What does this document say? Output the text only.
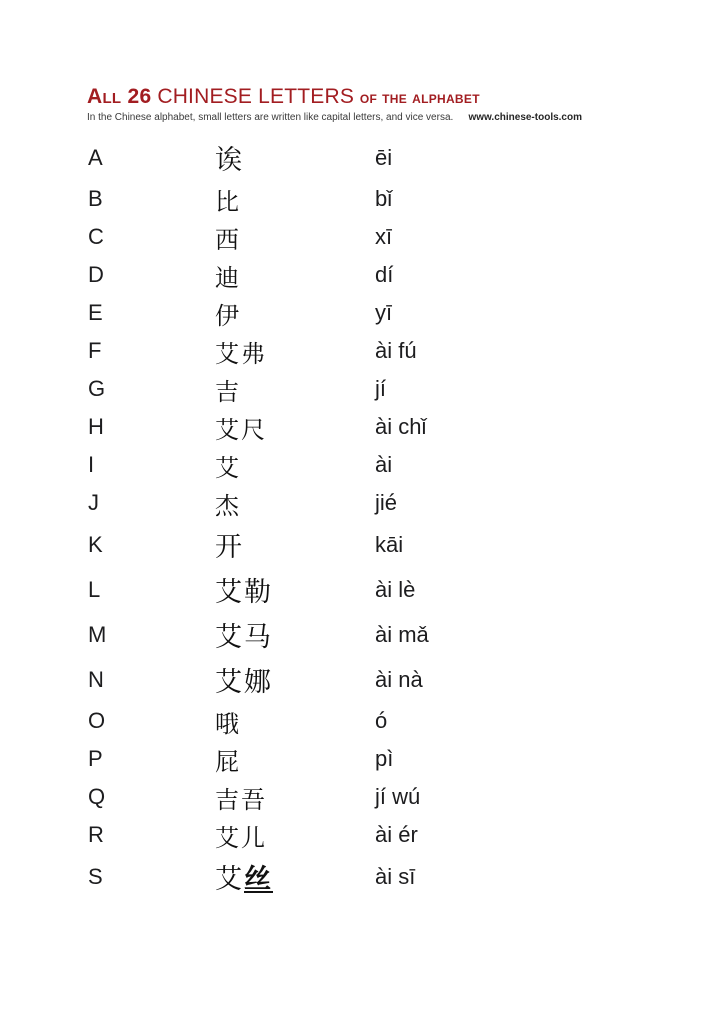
All 26 CHINESE LETTERS of the alphabet
In the Chinese alphabet, small letters are written like capital letters, and vice versa. www.chinese-tools.com
A	诶	ēi
B	比	bǐ
C	西	xī
D	迪	dí
E	伊	yī
F	艾弗	ài fú
G	吉	jí
H	艾尺	ài chǐ
I	艾	ài
J	杰	jié
K	开	kāi
L	艾勒	ài lè
M	艾马	ài mǎ
N	艾娜	ài nà
O	哦	ó
P	屁	pì
Q	吉吾	jí wú
R	艾儿	ài ér
S	艾丝	ài sī
